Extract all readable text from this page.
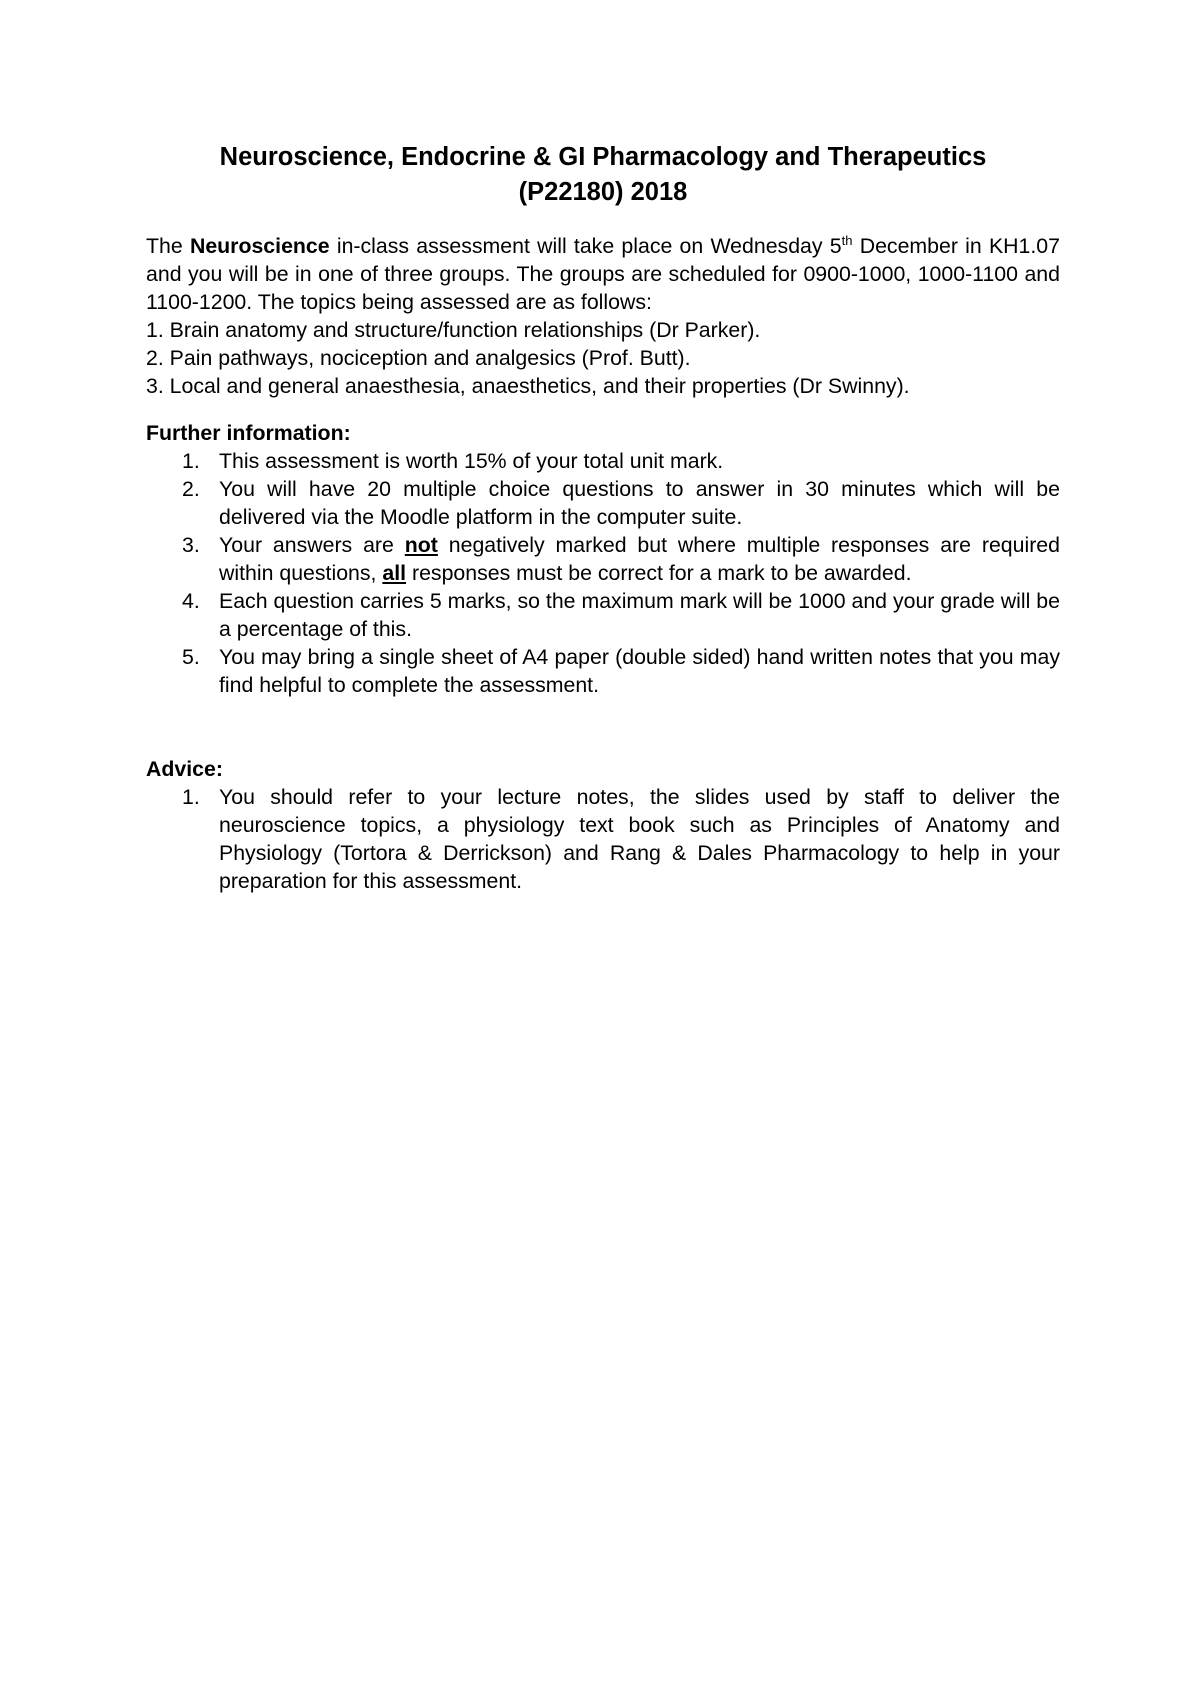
Neuroscience, Endocrine & GI Pharmacology and Therapeutics
(P22180) 2018

The Neuroscience in-class assessment will take place on Wednesday 5th December in KH1.07 and you will be in one of three groups. The groups are scheduled for 0900-1000, 1000-1100 and 1100-1200. The topics being assessed are as follows:

1. Brain anatomy and structure/function relationships (Dr Parker).

2. Pain pathways, nociception and analgesics (Prof. Butt).

3. Local and general anaesthesia, anaesthetics, and their properties (Dr Swinny).

Further information:
1. This assessment is worth 15% of your total unit mark.
2. You will have 20 multiple choice questions to answer in 30 minutes which will be delivered via the Moodle platform in the computer suite.
3. Your answers are not negatively marked but where multiple responses are required within questions, all responses must be correct for a mark to be awarded.
4. Each question carries 5 marks, so the maximum mark will be 1000 and your grade will be a percentage of this.
5. You may bring a single sheet of A4 paper (double sided) hand written notes that you may find helpful to complete the assessment.
Advice:
1. You should refer to your lecture notes, the slides used by staff to deliver the neuroscience topics, a physiology text book such as Principles of Anatomy and Physiology (Tortora & Derrickson) and Rang & Dales Pharmacology to help in your preparation for this assessment.
